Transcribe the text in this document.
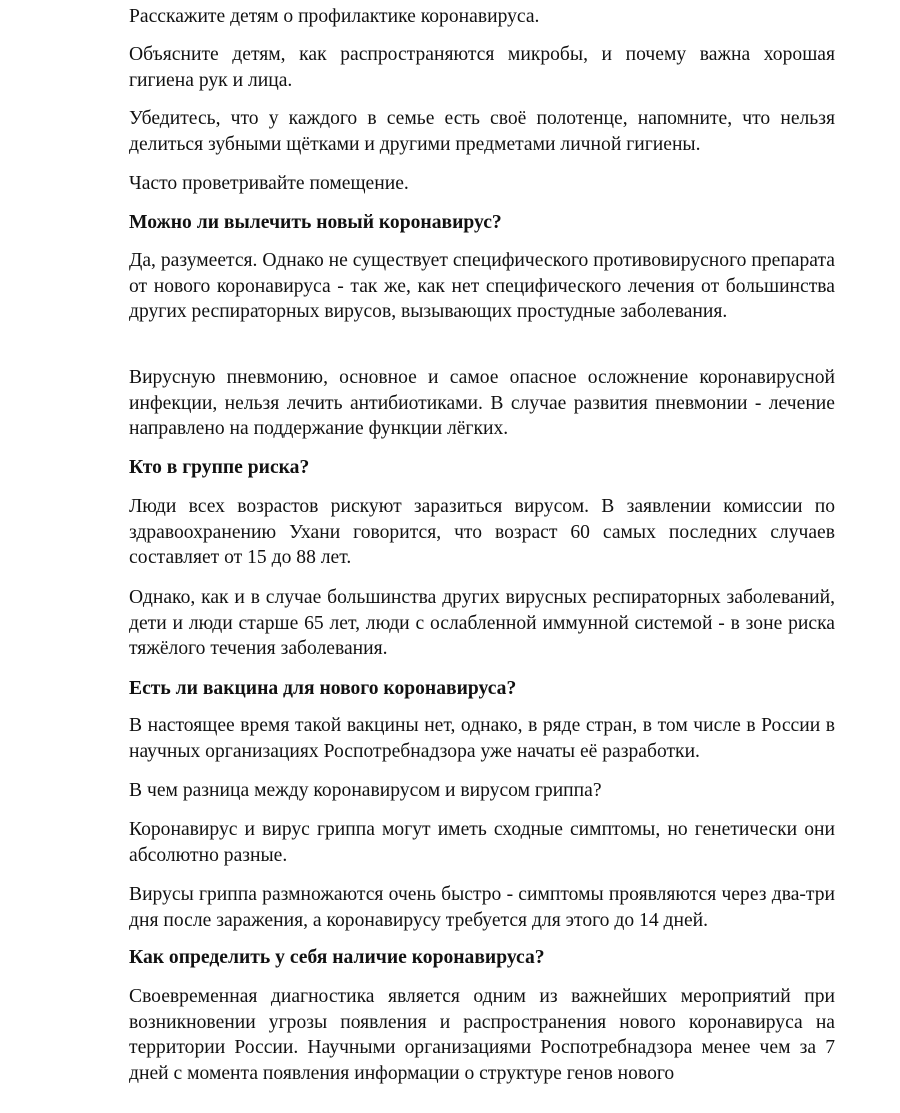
Расскажите детям о профилактике коронавируса.

Объясните детям, как распространяются микробы, и почему важна хорошая гигиена рук и лица.

Убедитесь, что у каждого в семье есть своё полотенце, напомните, что нельзя делиться зубными щётками и другими предметами личной гигиены.

Часто проветривайте помещение.

Можно ли вылечить новый коронавирус?

Да, разумеется. Однако не существует специфического противовирусного препарата от нового коронавируса - так же, как нет специфического лечения от большинства других респираторных вирусов, вызывающих простудные заболевания.

Вирусную пневмонию, основное и самое опасное осложнение коронавирусной инфекции, нельзя лечить антибиотиками. В случае развития пневмонии - лечение направлено на поддержание функции лёгких.

Кто в группе риска?

Люди всех возрастов рискуют заразиться вирусом. В заявлении комиссии по здравоохранению Ухани говорится, что возраст 60 самых последних случаев составляет от 15 до 88 лет.

Однако, как и в случае большинства других вирусных респираторных заболеваний, дети и люди старше 65 лет, люди с ослабленной иммунной системой - в зоне риска тяжёлого течения заболевания.

Есть ли вакцина для нового коронавируса?

В настоящее время такой вакцины нет, однако, в ряде стран, в том числе в России в научных организациях Роспотребнадзора уже начаты её разработки.

В чем разница между коронавирусом и вирусом гриппа?

Коронавирус и вирус гриппа могут иметь сходные симптомы, но генетически они абсолютно разные.

Вирусы гриппа размножаются очень быстро - симптомы проявляются через два-три дня после заражения, а коронавирусу требуется для этого до 14 дней.

Как определить у себя наличие коронавируса?

Своевременная диагностика является одним из важнейших мероприятий при возникновении угрозы появления и распространения нового коронавируса на территории России. Научными организациями Роспотребнадзора менее чем за 7 дней с момента появления информации о структуре генов нового
